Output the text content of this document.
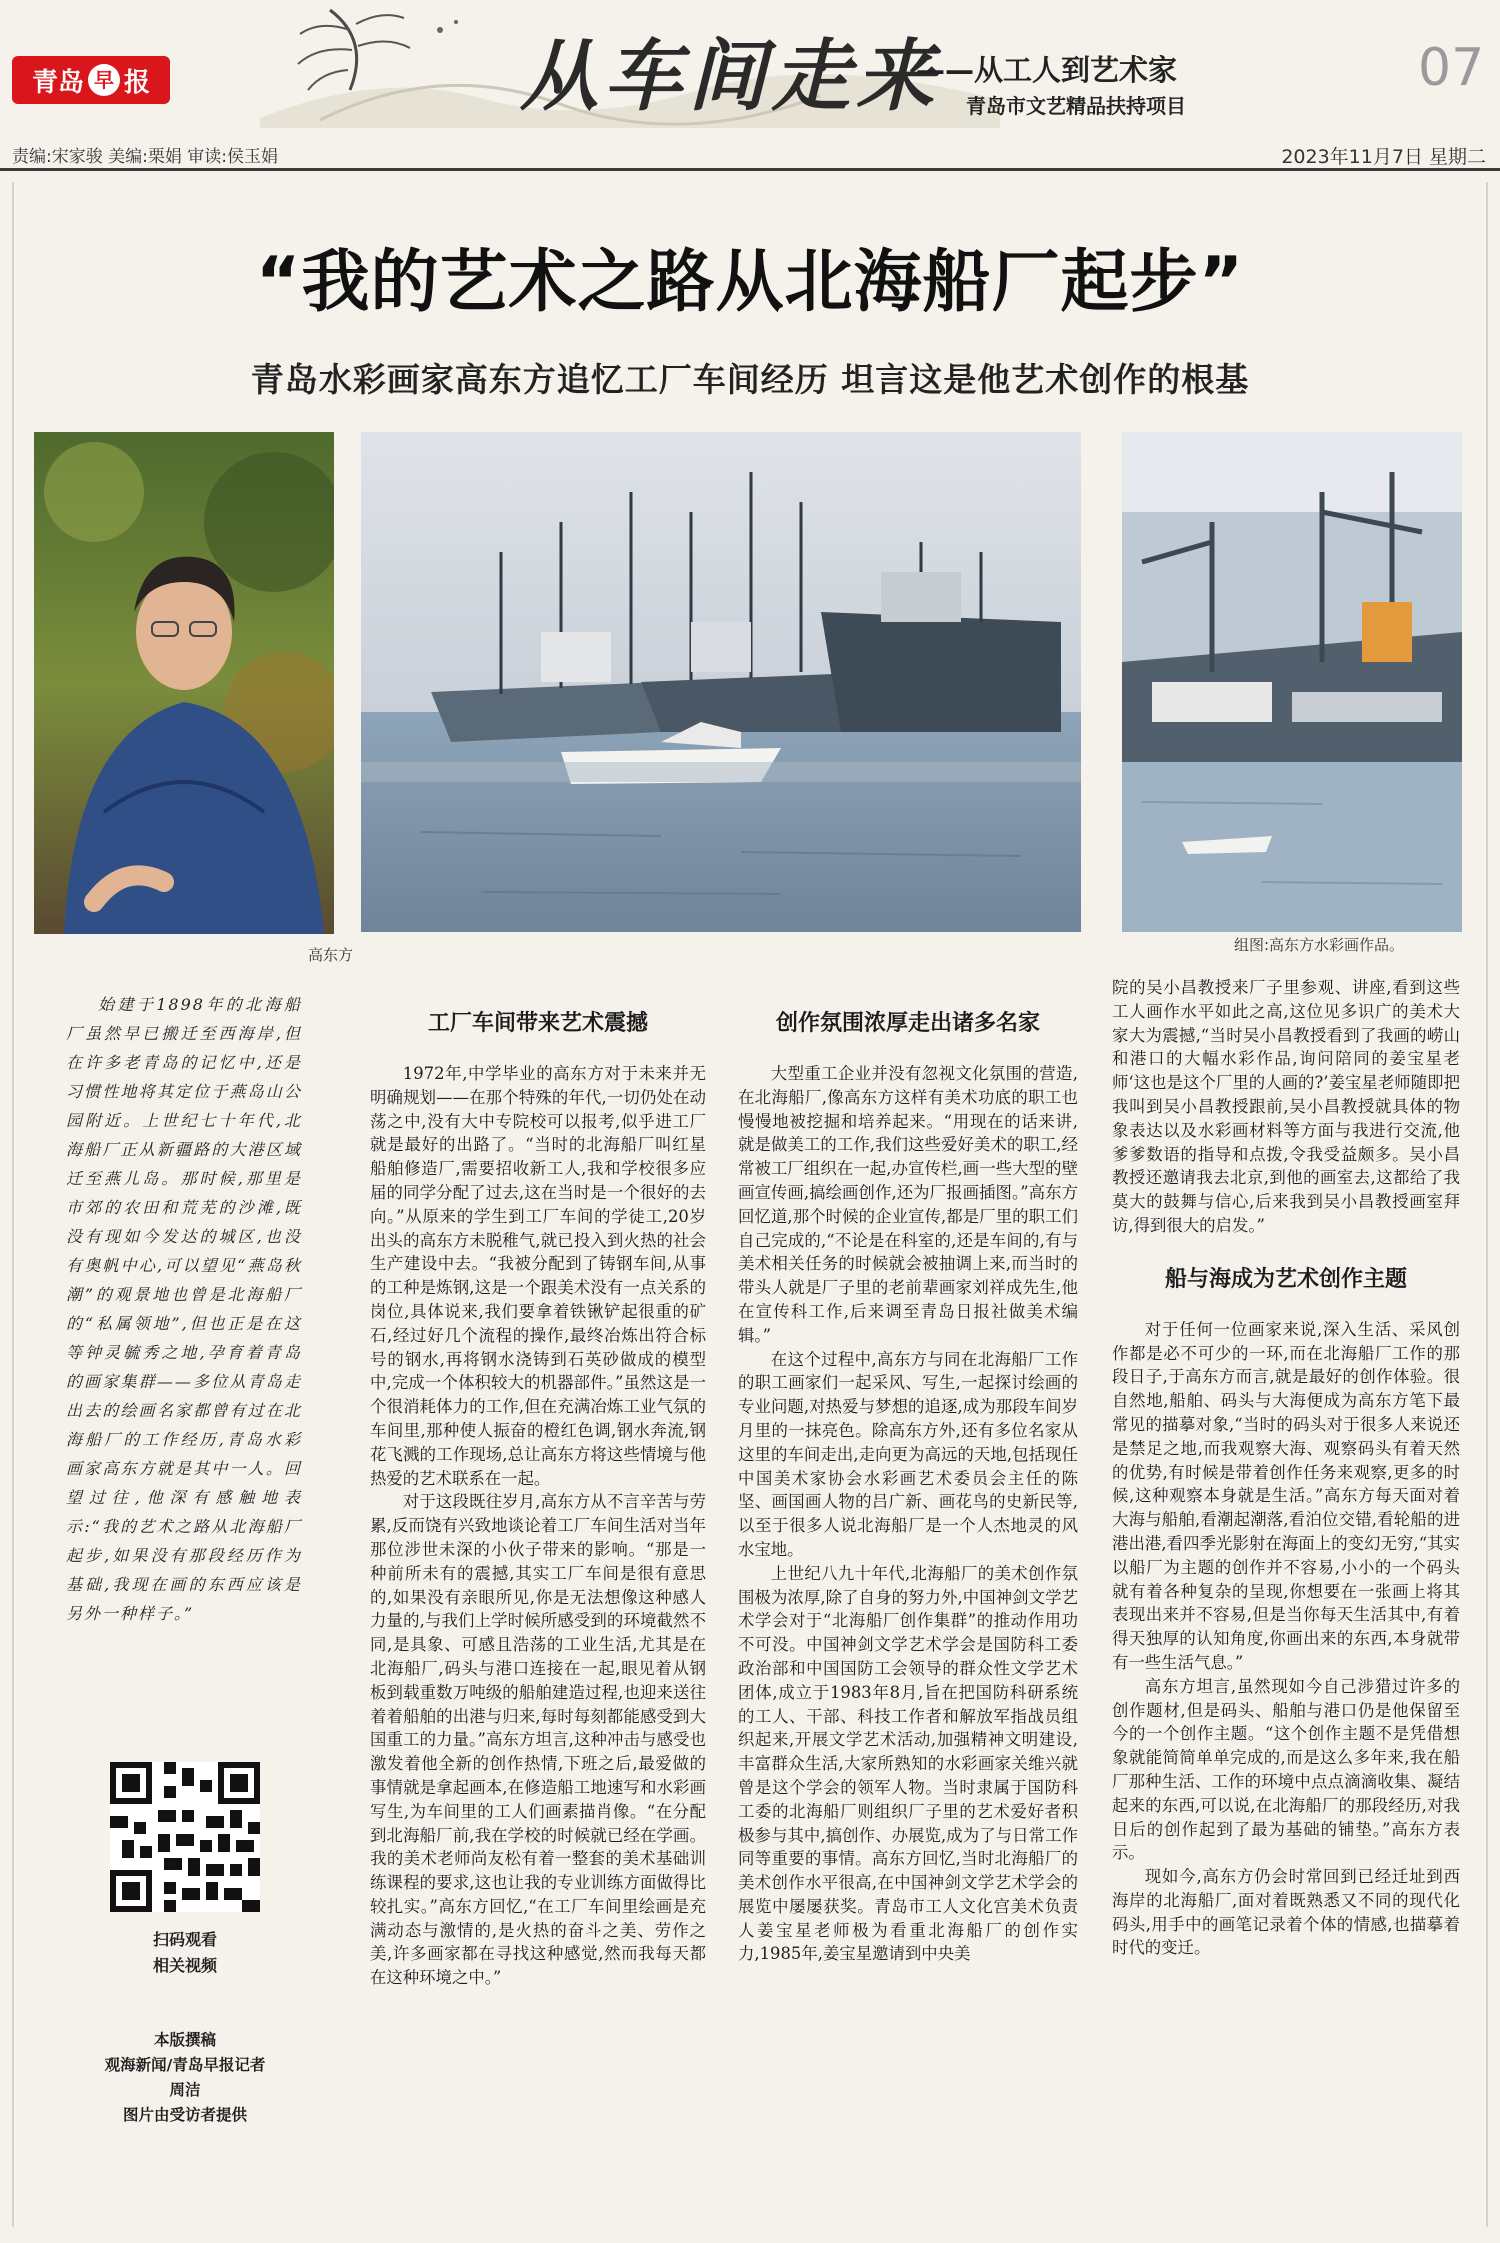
青岛 早 报	从车间走来
——从工人到艺术家
青岛市文艺精品扶持项目
07
责编:宋家骏 美编:栗娟 审读:侯玉娟	2023年11月7日 星期二
“我的艺术之路从北海船厂起步”
青岛水彩画家高东方追忆工厂车间经历 坦言这是他艺术创作的根基
高东方
组图:高东方水彩画作品。

始建于1898年的北海船厂虽然早已搬迁至西海岸,但在许多老青岛的记忆中,还是习惯性地将其定位于燕岛山公园附近。上世纪七十年代,北海船厂正从新疆路的大港区域迁至燕儿岛。那时候,那里是市郊的农田和荒芜的沙滩,既没有现如今发达的城区,也没有奥帆中心,可以望见“燕岛秋潮”的观景地也曾是北海船厂的“私属领地”,但也正是在这等钟灵毓秀之地,孕育着青岛的画家集群——多位从青岛走出去的绘画名家都曾有过在北海船厂的工作经历,青岛水彩画家高东方就是其中一人。回望过往,他深有感触地表示:“我的艺术之路从北海船厂起步,如果没有那段经历作为基础,我现在画的东西应该是另外一种样子。”

工厂车间带来艺术震撼

1972年,中学毕业的高东方对于未来并无明确规划——在那个特殊的年代,一切仍处在动荡之中,没有大中专院校可以报考,似乎进工厂就是最好的出路了。“当时的北海船厂叫红星船舶修造厂,需要招收新工人,我和学校很多应届的同学分配了过去,这在当时是一个很好的去向。”从原来的学生到工厂车间的学徒工,20岁出头的高东方未脱稚气,就已投入到火热的社会生产建设中去。“我被分配到了铸钢车间,从事的工种是炼钢,这是一个跟美术没有一点关系的岗位,具体说来,我们要拿着铁锹铲起很重的矿石,经过好几个流程的操作,最终冶炼出符合标号的钢水,再将钢水浇铸到石英砂做成的模型中,完成一个体积较大的机器部件。”虽然这是一个很消耗体力的工作,但在充满冶炼工业气氛的车间里,那种使人振奋的橙红色调,钢水奔流,钢花飞溅的工作现场,总让高东方将这些情境与他热爱的艺术联系在一起。

对于这段既往岁月,高东方从不言辛苦与劳累,反而饶有兴致地谈论着工厂车间生活对当年那位涉世未深的小伙子带来的影响。“那是一种前所未有的震撼,其实工厂车间是很有意思的,如果没有亲眼所见,你是无法想像这种感人力量的,与我们上学时候所感受到的环境截然不同,是具象、可感且浩荡的工业生活,尤其是在北海船厂,码头与港口连接在一起,眼见着从钢板到载重数万吨级的船舶建造过程,也迎来送往着着船舶的出港与归来,每时每刻都能感受到大国重工的力量。”高东方坦言,这种冲击与感受也激发着他全新的创作热情,下班之后,最爱做的事情就是拿起画本,在修造船工地速写和水彩画写生,为车间里的工人们画素描肖像。“在分配到北海船厂前,我在学校的时候就已经在学画。我的美术老师尚友松有着一整套的美术基础训练课程的要求,这也让我的专业训练方面做得比较扎实。”高东方回忆,“在工厂车间里绘画是充满动态与激情的,是火热的奋斗之美、劳作之美,许多画家都在寻找这种感觉,然而我每天都在这种环境之中。”

创作氛围浓厚走出诸多名家

大型重工企业并没有忽视文化氛围的营造,在北海船厂,像高东方这样有美术功底的职工也慢慢地被挖掘和培养起来。“用现在的话来讲,就是做美工的工作,我们这些爱好美术的职工,经常被工厂组织在一起,办宣传栏,画一些大型的壁画宣传画,搞绘画创作,还为厂报画插图。”高东方回忆道,那个时候的企业宣传,都是厂里的职工们自己完成的,“不论是在科室的,还是车间的,有与美术相关任务的时候就会被抽调上来,而当时的带头人就是厂子里的老前辈画家刘祥成先生,他在宣传科工作,后来调至青岛日报社做美术编辑。”

在这个过程中,高东方与同在北海船厂工作的职工画家们一起采风、写生,一起探讨绘画的专业问题,对热爱与梦想的追逐,成为那段车间岁月里的一抹亮色。除高东方外,还有多位名家从这里的车间走出,走向更为高远的天地,包括现任中国美术家协会水彩画艺术委员会主任的陈坚、画国画人物的吕广新、画花鸟的史新民等,以至于很多人说北海船厂是一个人杰地灵的风水宝地。

上世纪八九十年代,北海船厂的美术创作氛围极为浓厚,除了自身的努力外,中国神剑文学艺术学会对于“北海船厂创作集群”的推动作用功不可没。中国神剑文学艺术学会是国防科工委政治部和中国国防工会领导的群众性文学艺术团体,成立于1983年8月,旨在把国防科研系统的工人、干部、科技工作者和解放军指战员组织起来,开展文学艺术活动,加强精神文明建设,丰富群众生活,大家所熟知的水彩画家关维兴就曾是这个学会的领军人物。当时隶属于国防科工委的北海船厂则组织厂子里的艺术爱好者积极参与其中,搞创作、办展览,成为了与日常工作同等重要的事情。高东方回忆,当时北海船厂的美术创作水平很高,在中国神剑文学艺术学会的展览中屡屡获奖。青岛市工人文化宫美术负责人姜宝星老师极为看重北海船厂的创作实力,1985年,姜宝星邀请到中央美

院的吴小昌教授来厂子里参观、讲座,看到这些工人画作水平如此之高,这位见多识广的美术大家大为震撼,“当时吴小昌教授看到了我画的崂山和港口的大幅水彩作品,询问陪同的姜宝星老师‘这也是这个厂里的人画的?’姜宝星老师随即把我叫到吴小昌教授跟前,吴小昌教授就具体的物象表达以及水彩画材料等方面与我进行交流,他爹爹数语的指导和点拨,令我受益颇多。吴小昌教授还邀请我去北京,到他的画室去,这都给了我莫大的鼓舞与信心,后来我到吴小昌教授画室拜访,得到很大的启发。”

船与海成为艺术创作主题

对于任何一位画家来说,深入生活、采风创作都是必不可少的一环,而在北海船厂工作的那段日子,于高东方而言,就是最好的创作体验。很自然地,船舶、码头与大海便成为高东方笔下最常见的描摹对象,“当时的码头对于很多人来说还是禁足之地,而我观察大海、观察码头有着天然的优势,有时候是带着创作任务来观察,更多的时候,这种观察本身就是生活。”高东方每天面对着大海与船舶,看潮起潮落,看泊位交错,看轮船的进港出港,看四季光影射在海面上的变幻无穷,“其实以船厂为主题的创作并不容易,小小的一个码头就有着各种复杂的呈现,你想要在一张画上将其表现出来并不容易,但是当你每天生活其中,有着得天独厚的认知角度,你画出来的东西,本身就带有一些生活气息。”

高东方坦言,虽然现如今自己涉猎过许多的创作题材,但是码头、船舶与港口仍是他保留至今的一个创作主题。“这个创作主题不是凭借想象就能简简单单完成的,而是这么多年来,我在船厂那种生活、工作的环境中点点滴滴收集、凝结起来的东西,可以说,在北海船厂的那段经历,对我日后的创作起到了最为基础的铺垫。”高东方表示。

现如今,高东方仍会时常回到已经迁址到西海岸的北海船厂,面对着既熟悉又不同的现代化码头,用手中的画笔记录着个体的情感,也描摹着时代的变迁。

扫码观看
相关视频
本版撰稿
观海新闻/青岛早报记者
周洁
图片由受访者提供
